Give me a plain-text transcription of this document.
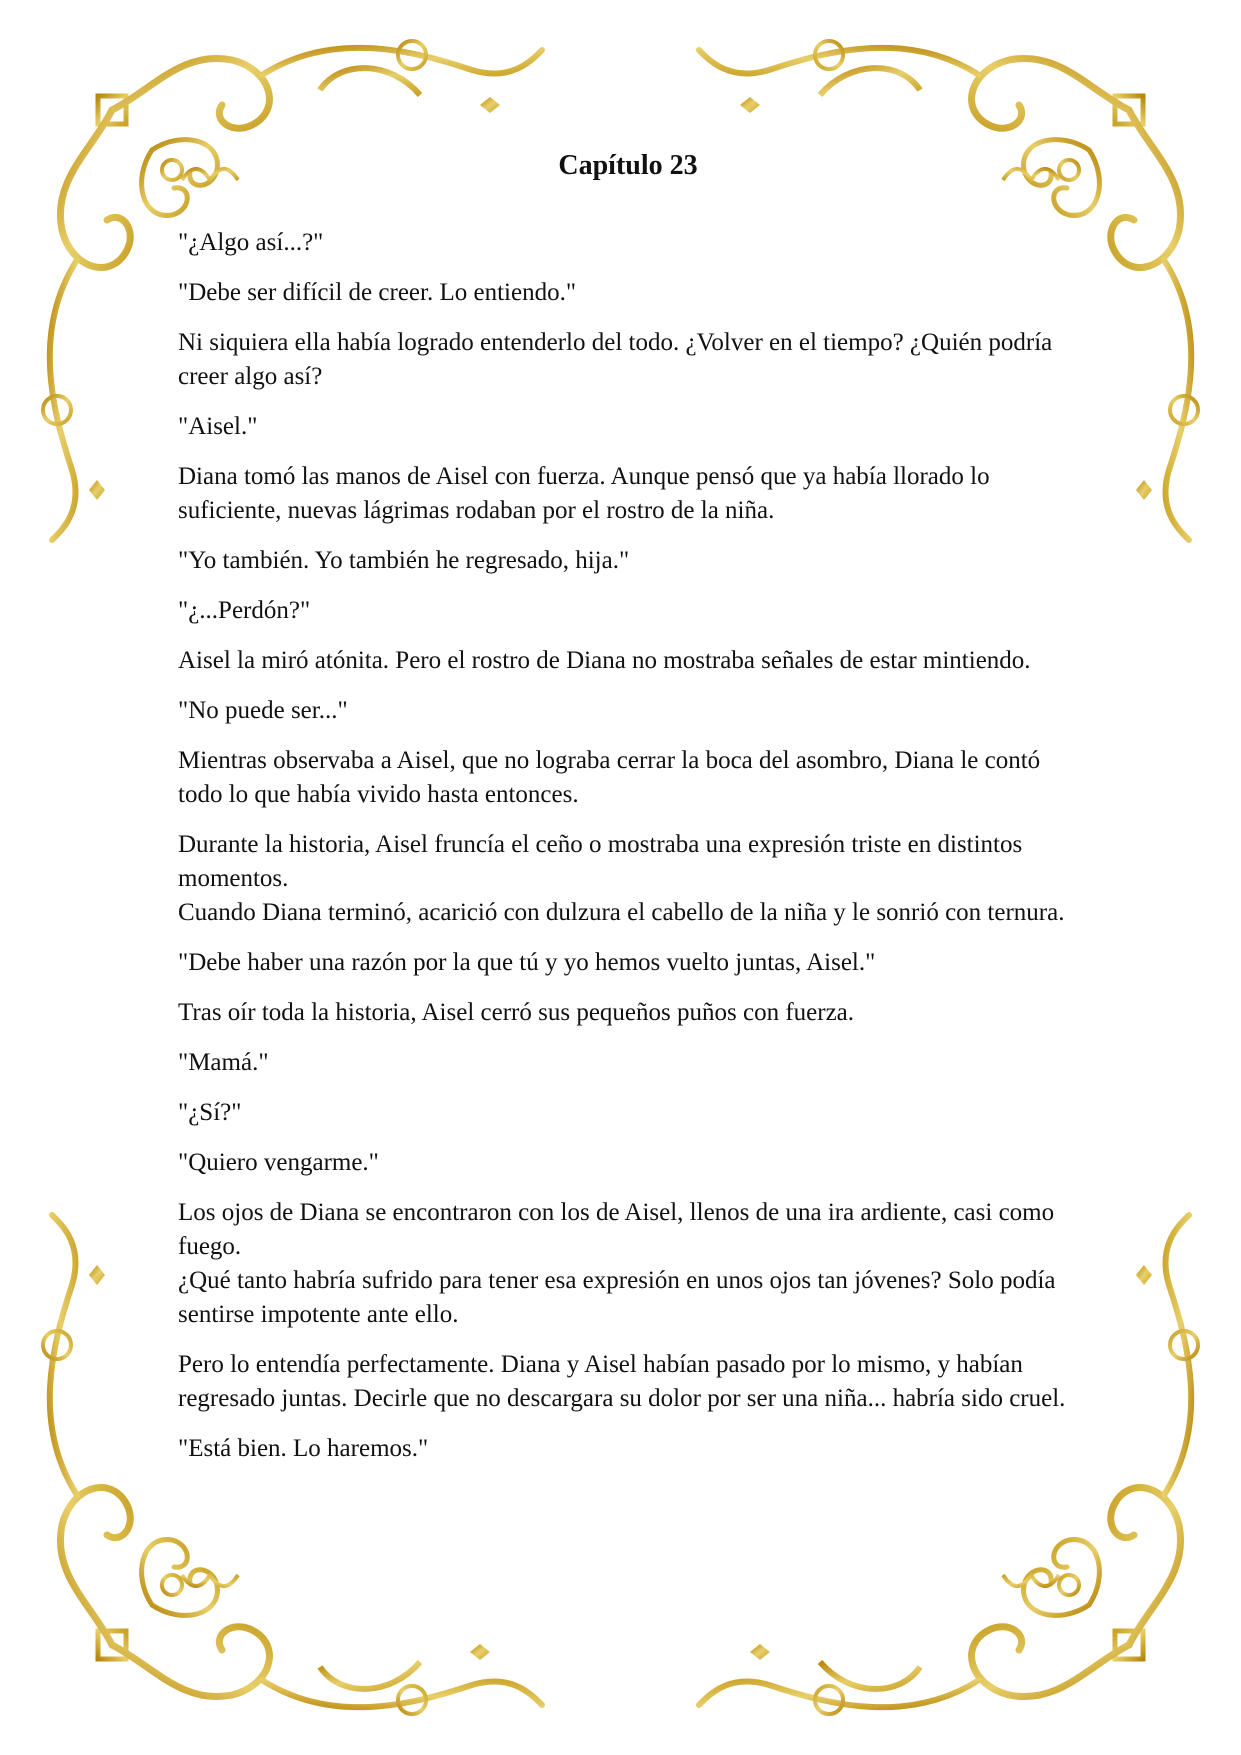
Capítulo 23

"¿Algo así...?"

"Debe ser difícil de creer. Lo entiendo."

Ni siquiera ella había logrado entenderlo del todo. ¿Volver en el tiempo? ¿Quién podría creer algo así?

"Aisel."

Diana tomó las manos de Aisel con fuerza. Aunque pensó que ya había llorado lo suficiente, nuevas lágrimas rodaban por el rostro de la niña.

"Yo también. Yo también he regresado, hija."

"¿...Perdón?"

Aisel la miró atónita. Pero el rostro de Diana no mostraba señales de estar mintiendo.

"No puede ser..."

Mientras observaba a Aisel, que no lograba cerrar la boca del asombro, Diana le contó todo lo que había vivido hasta entonces.

Durante la historia, Aisel fruncía el ceño o mostraba una expresión triste en distintos momentos.
Cuando Diana terminó, acarició con dulzura el cabello de la niña y le sonrió con ternura.

"Debe haber una razón por la que tú y yo hemos vuelto juntas, Aisel."

Tras oír toda la historia, Aisel cerró sus pequeños puños con fuerza.

"Mamá."

"¿Sí?"

"Quiero vengarme."

Los ojos de Diana se encontraron con los de Aisel, llenos de una ira ardiente, casi como fuego.
¿Qué tanto habría sufrido para tener esa expresión en unos ojos tan jóvenes? Solo podía sentirse impotente ante ello.

Pero lo entendía perfectamente. Diana y Aisel habían pasado por lo mismo, y habían regresado juntas. Decirle que no descargara su dolor por ser una niña... habría sido cruel.

"Está bien. Lo haremos."
